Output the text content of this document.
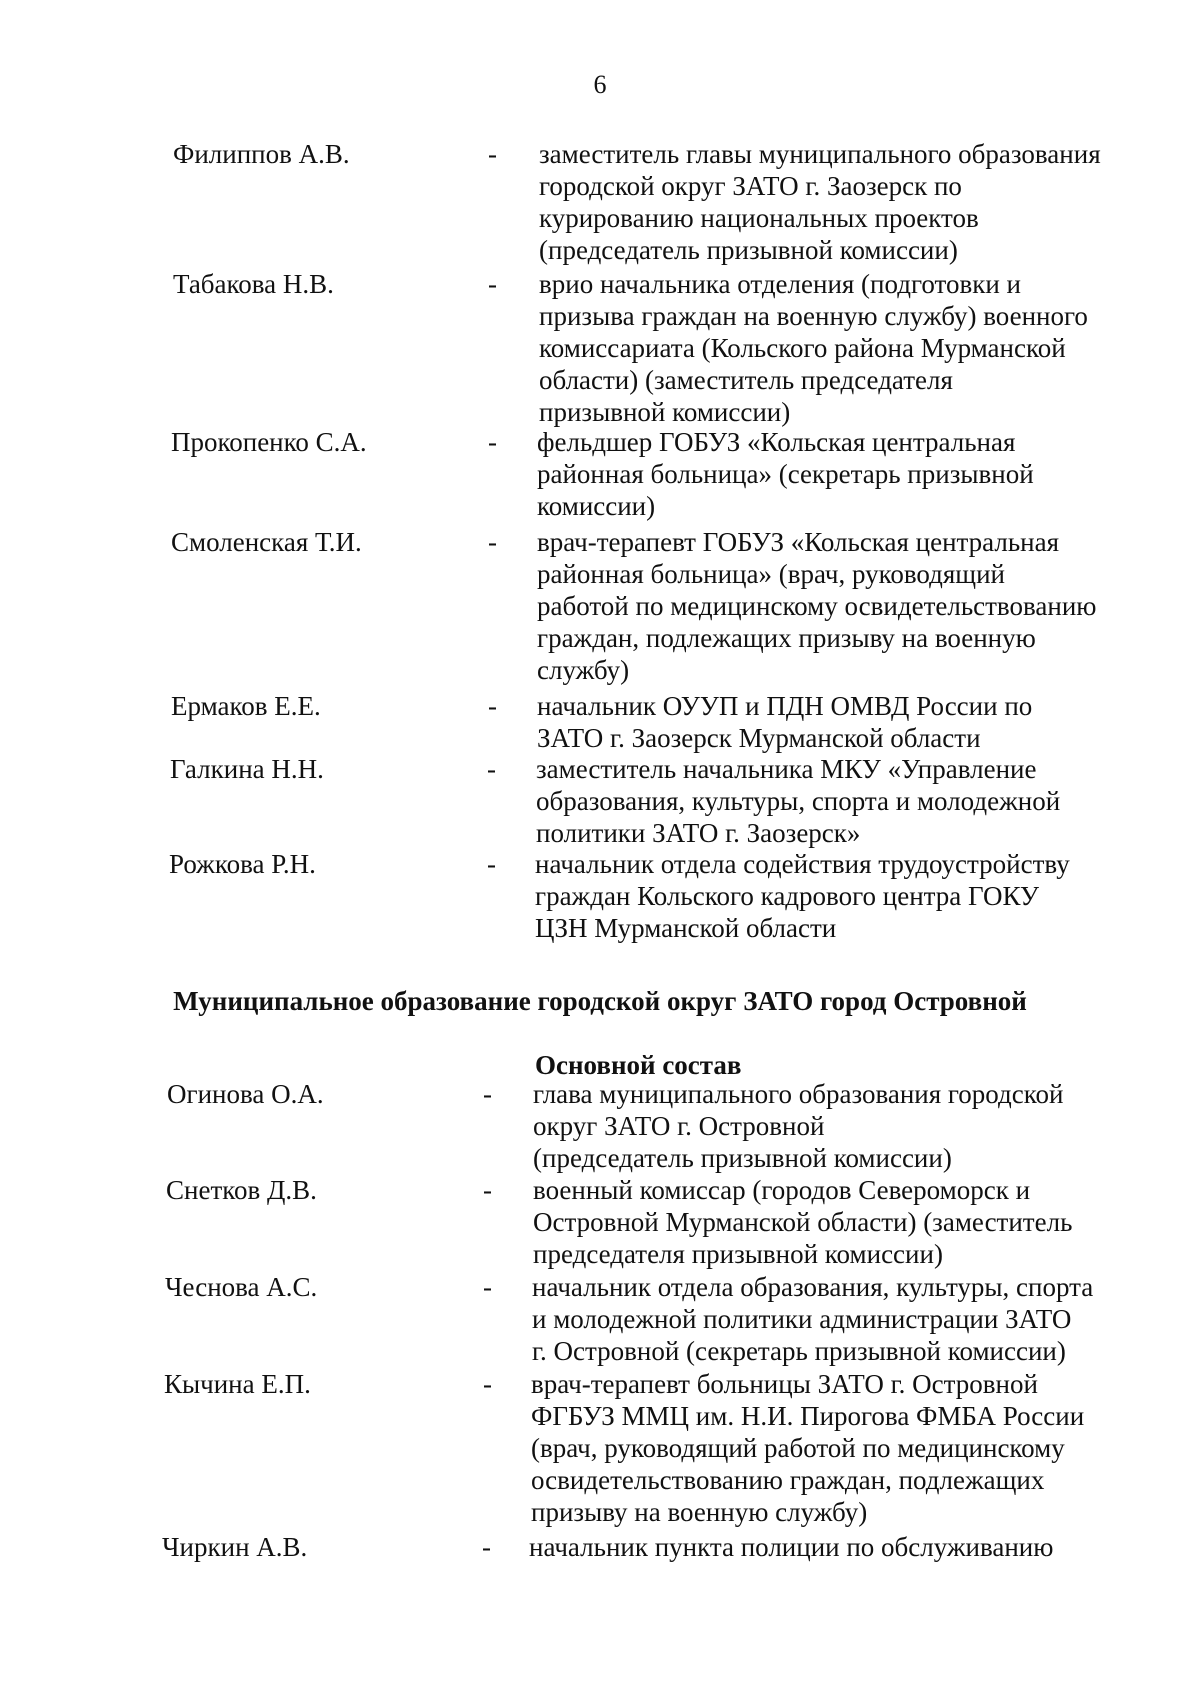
6
Филиппов А.В.	- заместитель главы муниципального образования
городской округ ЗАТО г. Заозерск по
курированию национальных проектов
(председатель призывной комиссии)
Табакова Н.В.	- врио начальника отделения (подготовки и
призыва граждан на военную службу) военного
комиссариата (Кольского района Мурманской
области) (заместитель председателя
призывной комиссии)
Прокопенко С.А.	- фельдшер ГОБУЗ «Кольская центральная
районная больница» (секретарь призывной
комиссии)
Смоленская Т.И.	- врач-терапевт ГОБУЗ «Кольская центральная
районная больница» (врач, руководящий
работой по медицинскому освидетельствованию
граждан, подлежащих призыву на военную
службу)
Ермаков Е.Е.	- начальник ОУУП и ПДН ОМВД России по
ЗАТО г. Заозерск Мурманской области
Галкина Н.Н.	- заместитель начальника МКУ «Управление
образования, культуры, спорта и молодежной
политики ЗАТО г. Заозерск»
Рожкова Р.Н.	- начальник отдела содействия трудоустройству
граждан Кольского кадрового центра ГОКУ
ЦЗН Мурманской области
Муниципальное образование городской округ ЗАТО город Островной
Основной состав
Огинова О.А.	- глава муниципального образования городской
округ ЗАТО г. Островной
(председатель призывной комиссии)
Снетков Д.В.	- военный комиссар (городов Североморск и
Островной Мурманской области) (заместитель
председателя призывной комиссии)
Чеснова А.С.	- начальник отдела образования, культуры, спорта
и молодежной политики администрации ЗАТО
г. Островной (секретарь призывной комиссии)
Кычина Е.П.	- врач-терапевт больницы ЗАТО г. Островной
ФГБУЗ ММЦ им. Н.И. Пирогова ФМБА России
(врач, руководящий работой по медицинскому
освидетельствованию граждан, подлежащих
призыву на военную службу)
Чиркин А.В.	- начальник пункта полиции по обслуживанию
